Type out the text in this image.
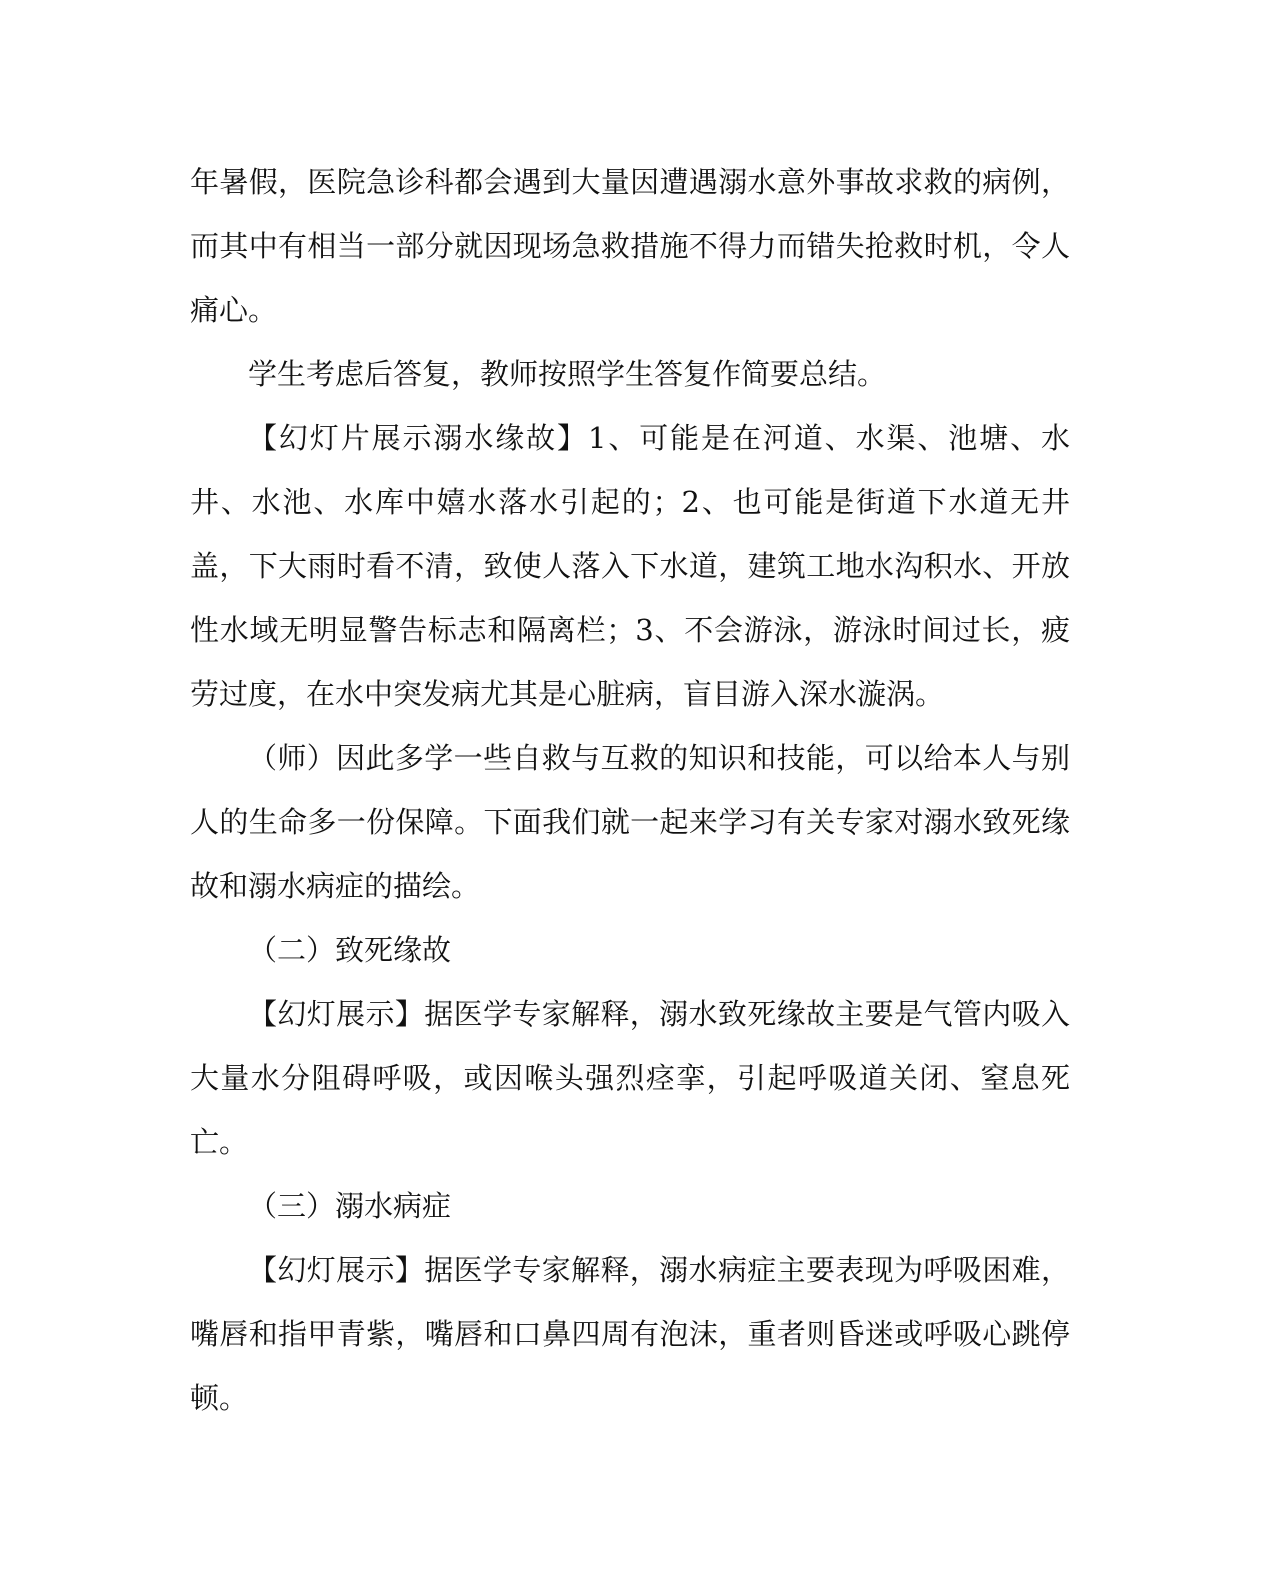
年暑假，医院急诊科都会遇到大量因遭遇溺水意外事故求救的病例，而其中有相当一部分就因现场急救措施不得力而错失抢救时机，令人痛心。

学生考虑后答复，教师按照学生答复作简要总结。

【幻灯片展示溺水缘故】1、可能是在河道、水渠、池塘、水井、水池、水库中嬉水落水引起的；2、也可能是街道下水道无井盖，下大雨时看不清，致使人落入下水道，建筑工地水沟积水、开放性水域无明显警告标志和隔离栏；3、不会游泳，游泳时间过长，疲劳过度，在水中突发病尤其是心脏病，盲目游入深水漩涡。

（师）因此多学一些自救与互救的知识和技能，可以给本人与别人的生命多一份保障。下面我们就一起来学习有关专家对溺水致死缘故和溺水病症的描绘。

（二）致死缘故

【幻灯展示】据医学专家解释，溺水致死缘故主要是气管内吸入大量水分阻碍呼吸，或因喉头强烈痉挛，引起呼吸道关闭、窒息死亡。

（三）溺水病症

【幻灯展示】据医学专家解释，溺水病症主要表现为呼吸困难，嘴唇和指甲青紫，嘴唇和口鼻四周有泡沫，重者则昏迷或呼吸心跳停顿。
